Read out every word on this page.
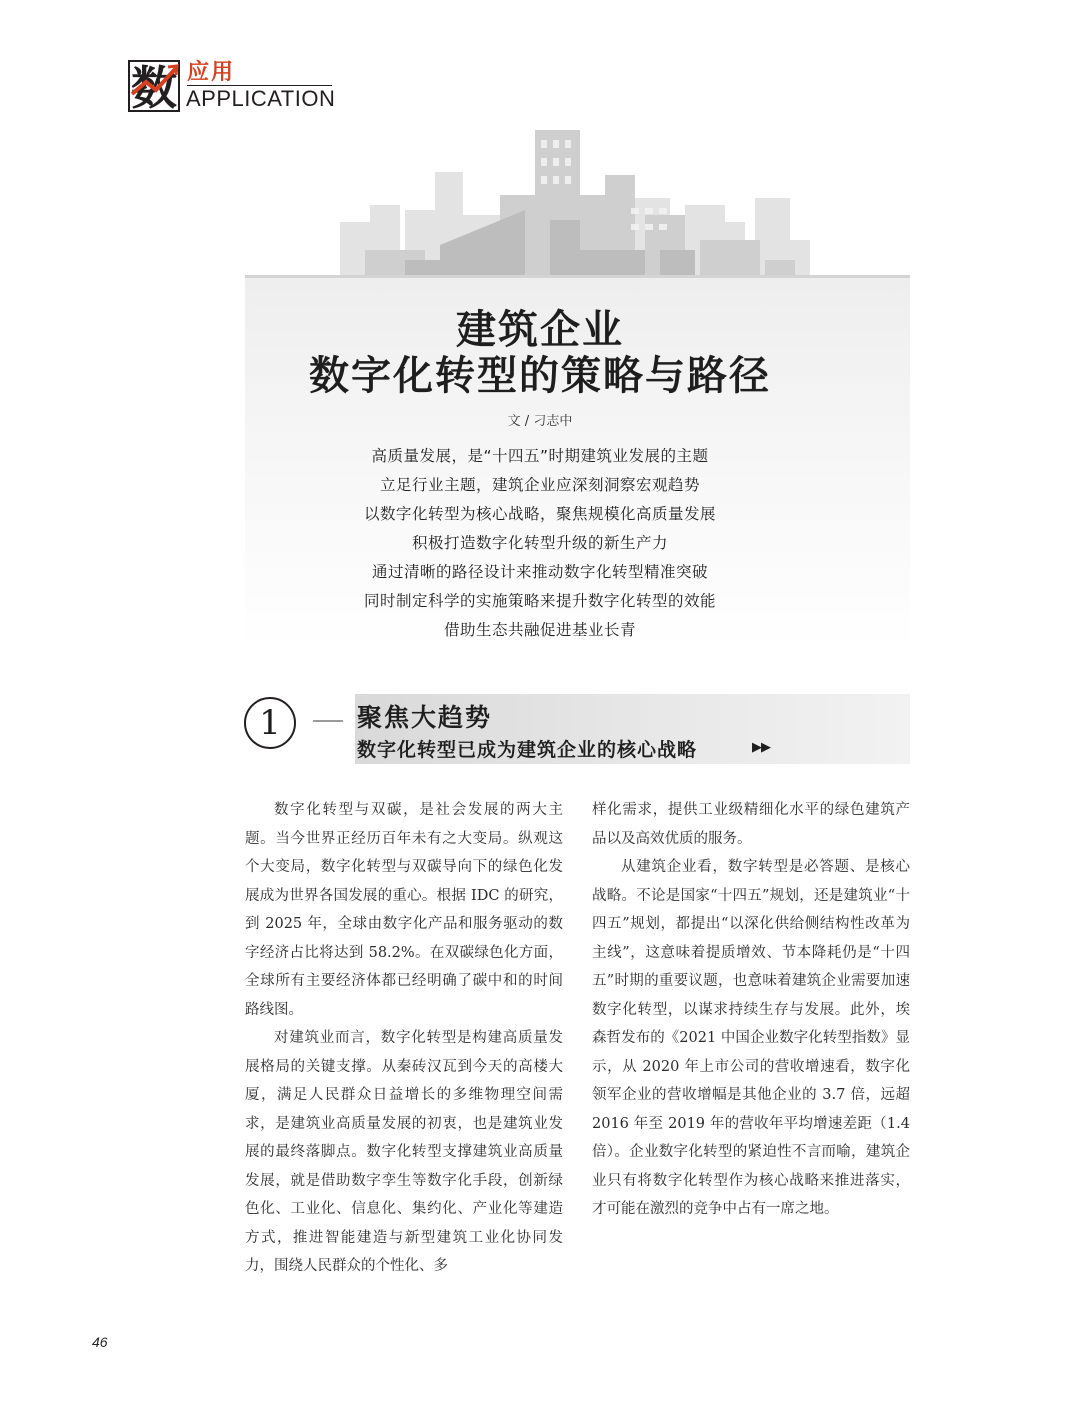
数 应用
APPLICATION
建筑企业
数字化转型的策略与路径
文 / 刁志中
高质量发展，是“十四五”时期建筑业发展的主题
立足行业主题，建筑企业应深刻洞察宏观趋势
以数字化转型为核心战略，聚焦规模化高质量发展
积极打造数字化转型升级的新生产力
通过清晰的路径设计来推动数字化转型精准突破
同时制定科学的实施策略来提升数字化转型的效能
借助生态共融促进基业长青
1	聚焦大趋势
数字化转型已成为建筑企业的核心战略	▶▶

数字化转型与双碳，是社会发展的两大主题。当今世界正经历百年未有之大变局。纵观这个大变局，数字化转型与双碳导向下的绿色化发展成为世界各国发展的重心。根据 IDC 的研究，到 2025 年，全球由数字化产品和服务驱动的数字经济占比将达到 58.2%。在双碳绿色化方面，全球所有主要经济体都已经明确了碳中和的时间路线图。

对建筑业而言，数字化转型是构建高质量发展格局的关键支撑。从秦砖汉瓦到今天的高楼大厦，满足人民群众日益增长的多维物理空间需求，是建筑业高质量发展的初衷，也是建筑业发展的最终落脚点。数字化转型支撑建筑业高质量发展，就是借助数字孪生等数字化手段，创新绿色化、工业化、信息化、集约化、产业化等建造方式，推进智能建造与新型建筑工业化协同发力，围绕人民群众的个性化、多

样化需求，提供工业级精细化水平的绿色建筑产品以及高效优质的服务。

从建筑企业看，数字转型是必答题、是核心战略。不论是国家“十四五”规划，还是建筑业“十四五”规划，都提出“以深化供给侧结构性改革为主线”，这意味着提质增效、节本降耗仍是“十四五”时期的重要议题，也意味着建筑企业需要加速数字化转型，以谋求持续生存与发展。此外，埃森哲发布的《2021 中国企业数字化转型指数》显示，从 2020 年上市公司的营收增速看，数字化领军企业的营收增幅是其他企业的 3.7 倍，远超 2016 年至 2019 年的营收年平均增速差距（1.4 倍）。企业数字化转型的紧迫性不言而喻，建筑企业只有将数字化转型作为核心战略来推进落实，才可能在激烈的竞争中占有一席之地。

46
